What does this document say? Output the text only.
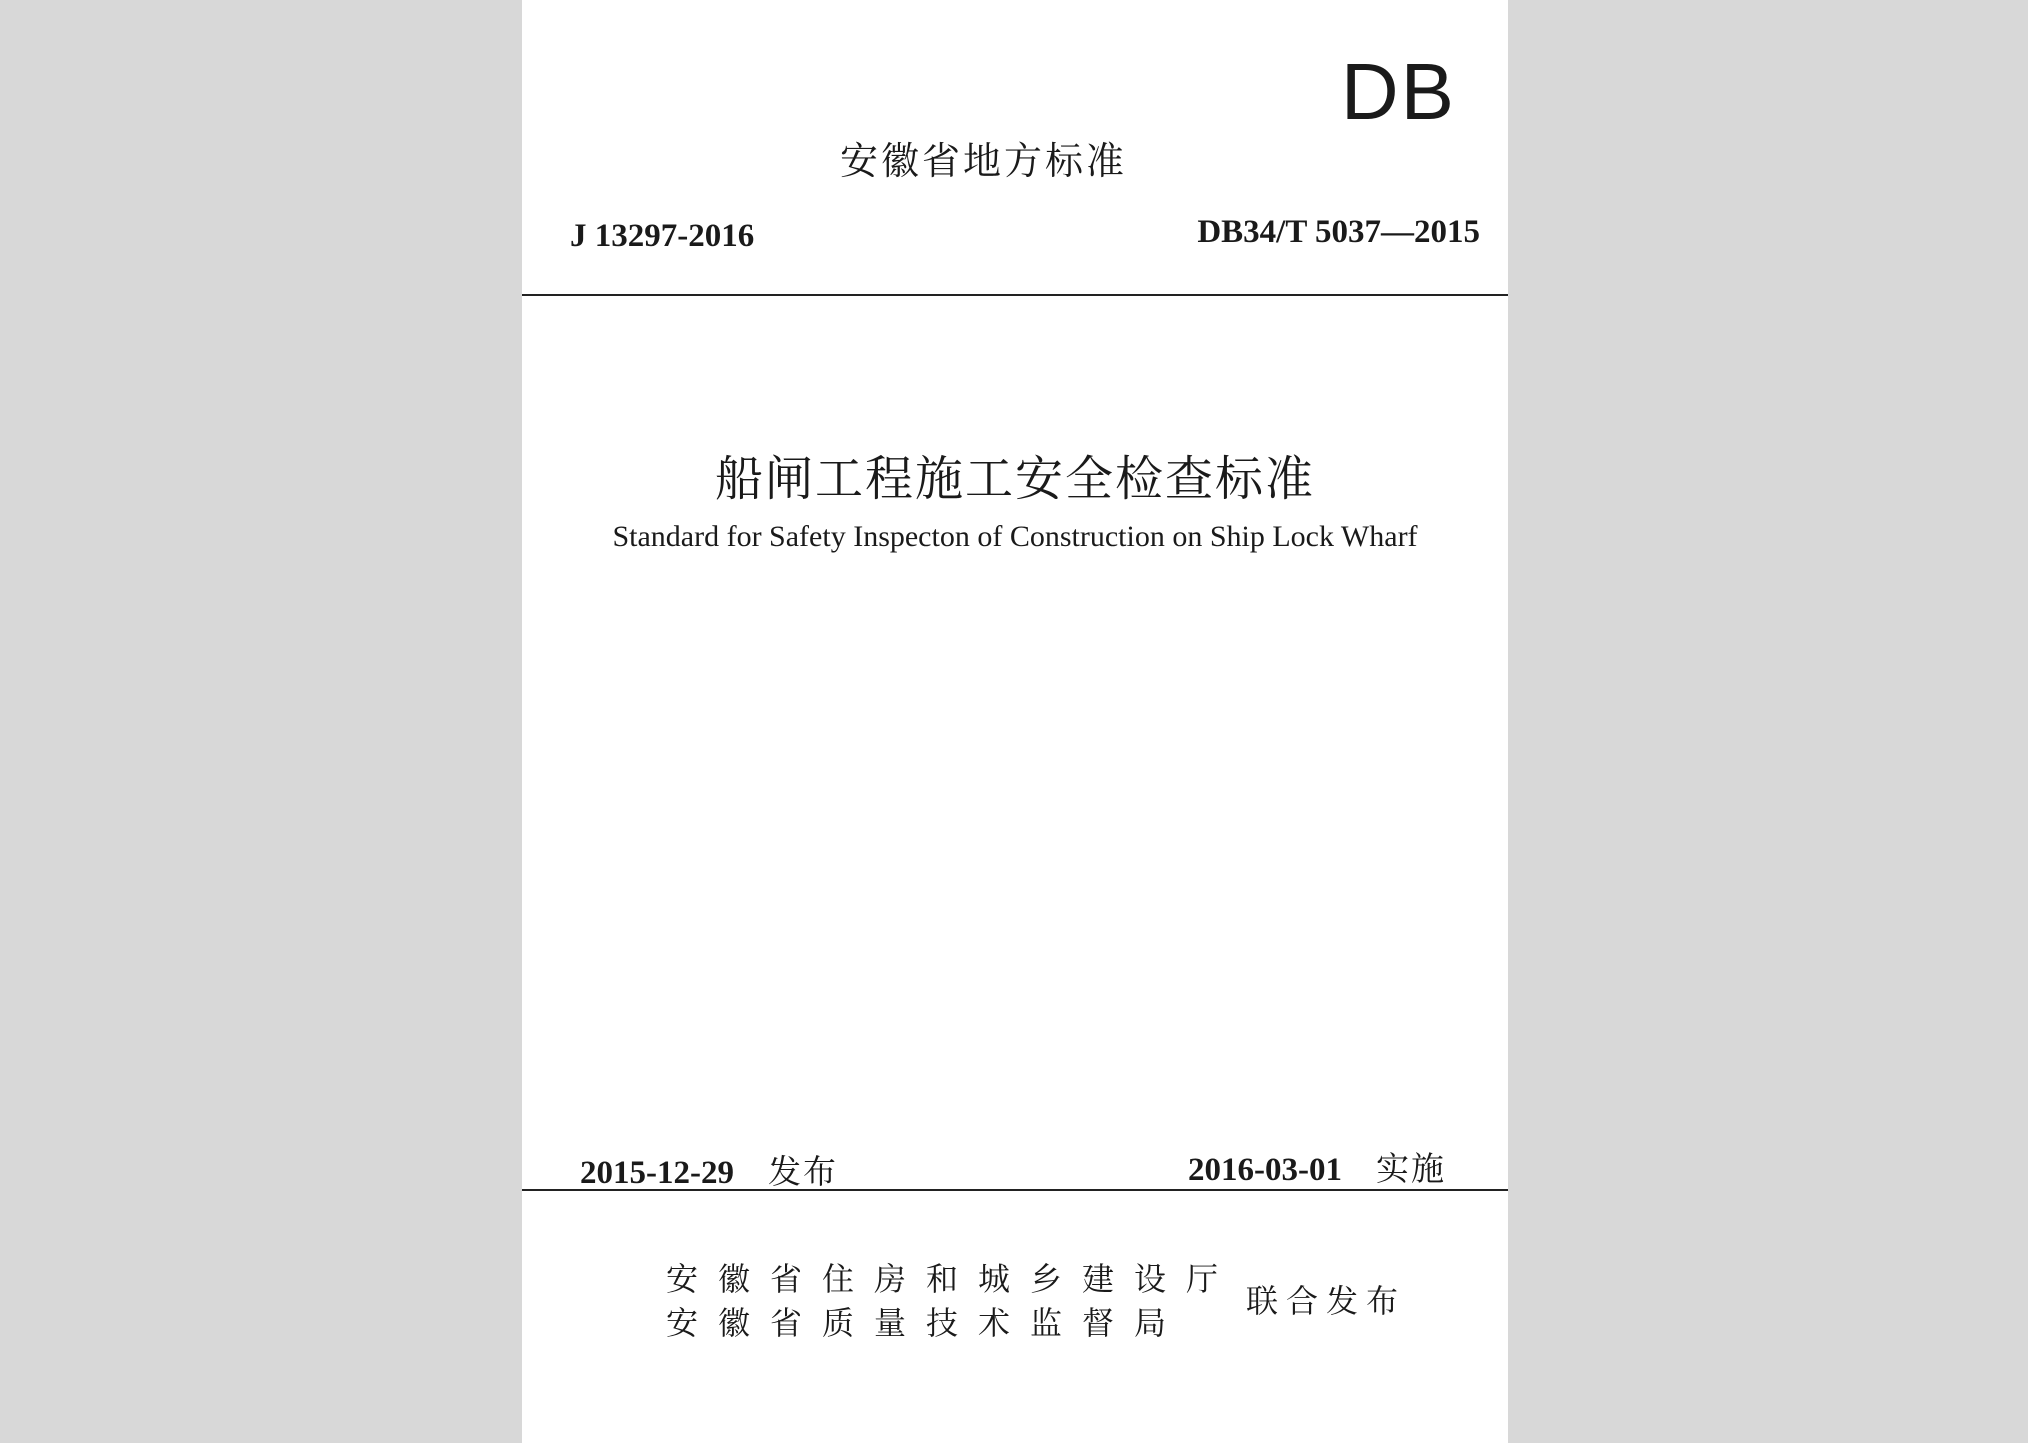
DB
安徽省地方标准
J 13297-2016	DB34/T 5037—2015
船闸工程施工安全检查标准
Standard for Safety Inspecton of Construction on Ship Lock Wharf
2015-12-29 发布	2016-03-01 实施
安徽省住房和城乡建设厅
安徽省质量技术监督局
联合发布
